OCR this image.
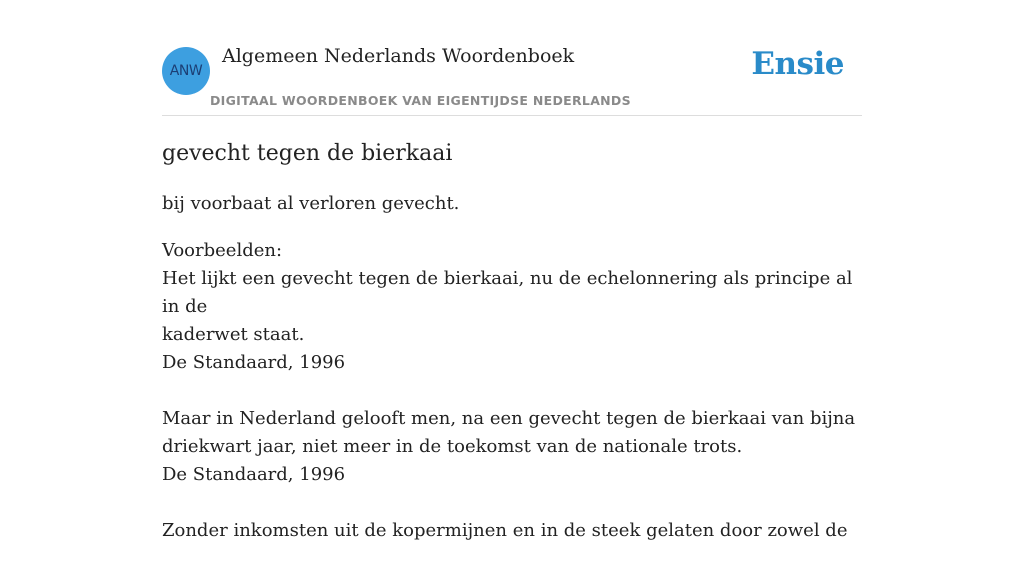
ANW
Algemeen Nederlands Woordenboek
DIGITAAL WOORDENBOEK VAN EIGENTIJDSE NEDERLANDS
Ensie
gevecht tegen de bierkaai

bij voorbaat al verloren gevecht.

Voorbeelden:
Het lijkt een gevecht tegen de bierkaai, nu de echelonnering als principe al in de
kaderwet staat.
De Standaard, 1996
Maar in Nederland gelooft men, na een gevecht tegen de bierkaai van bijna
driekwart jaar, niet meer in de toekomst van de nationale trots.
De Standaard, 1996
Zonder inkomsten uit de kopermijnen en in de steek gelaten door zowel de
